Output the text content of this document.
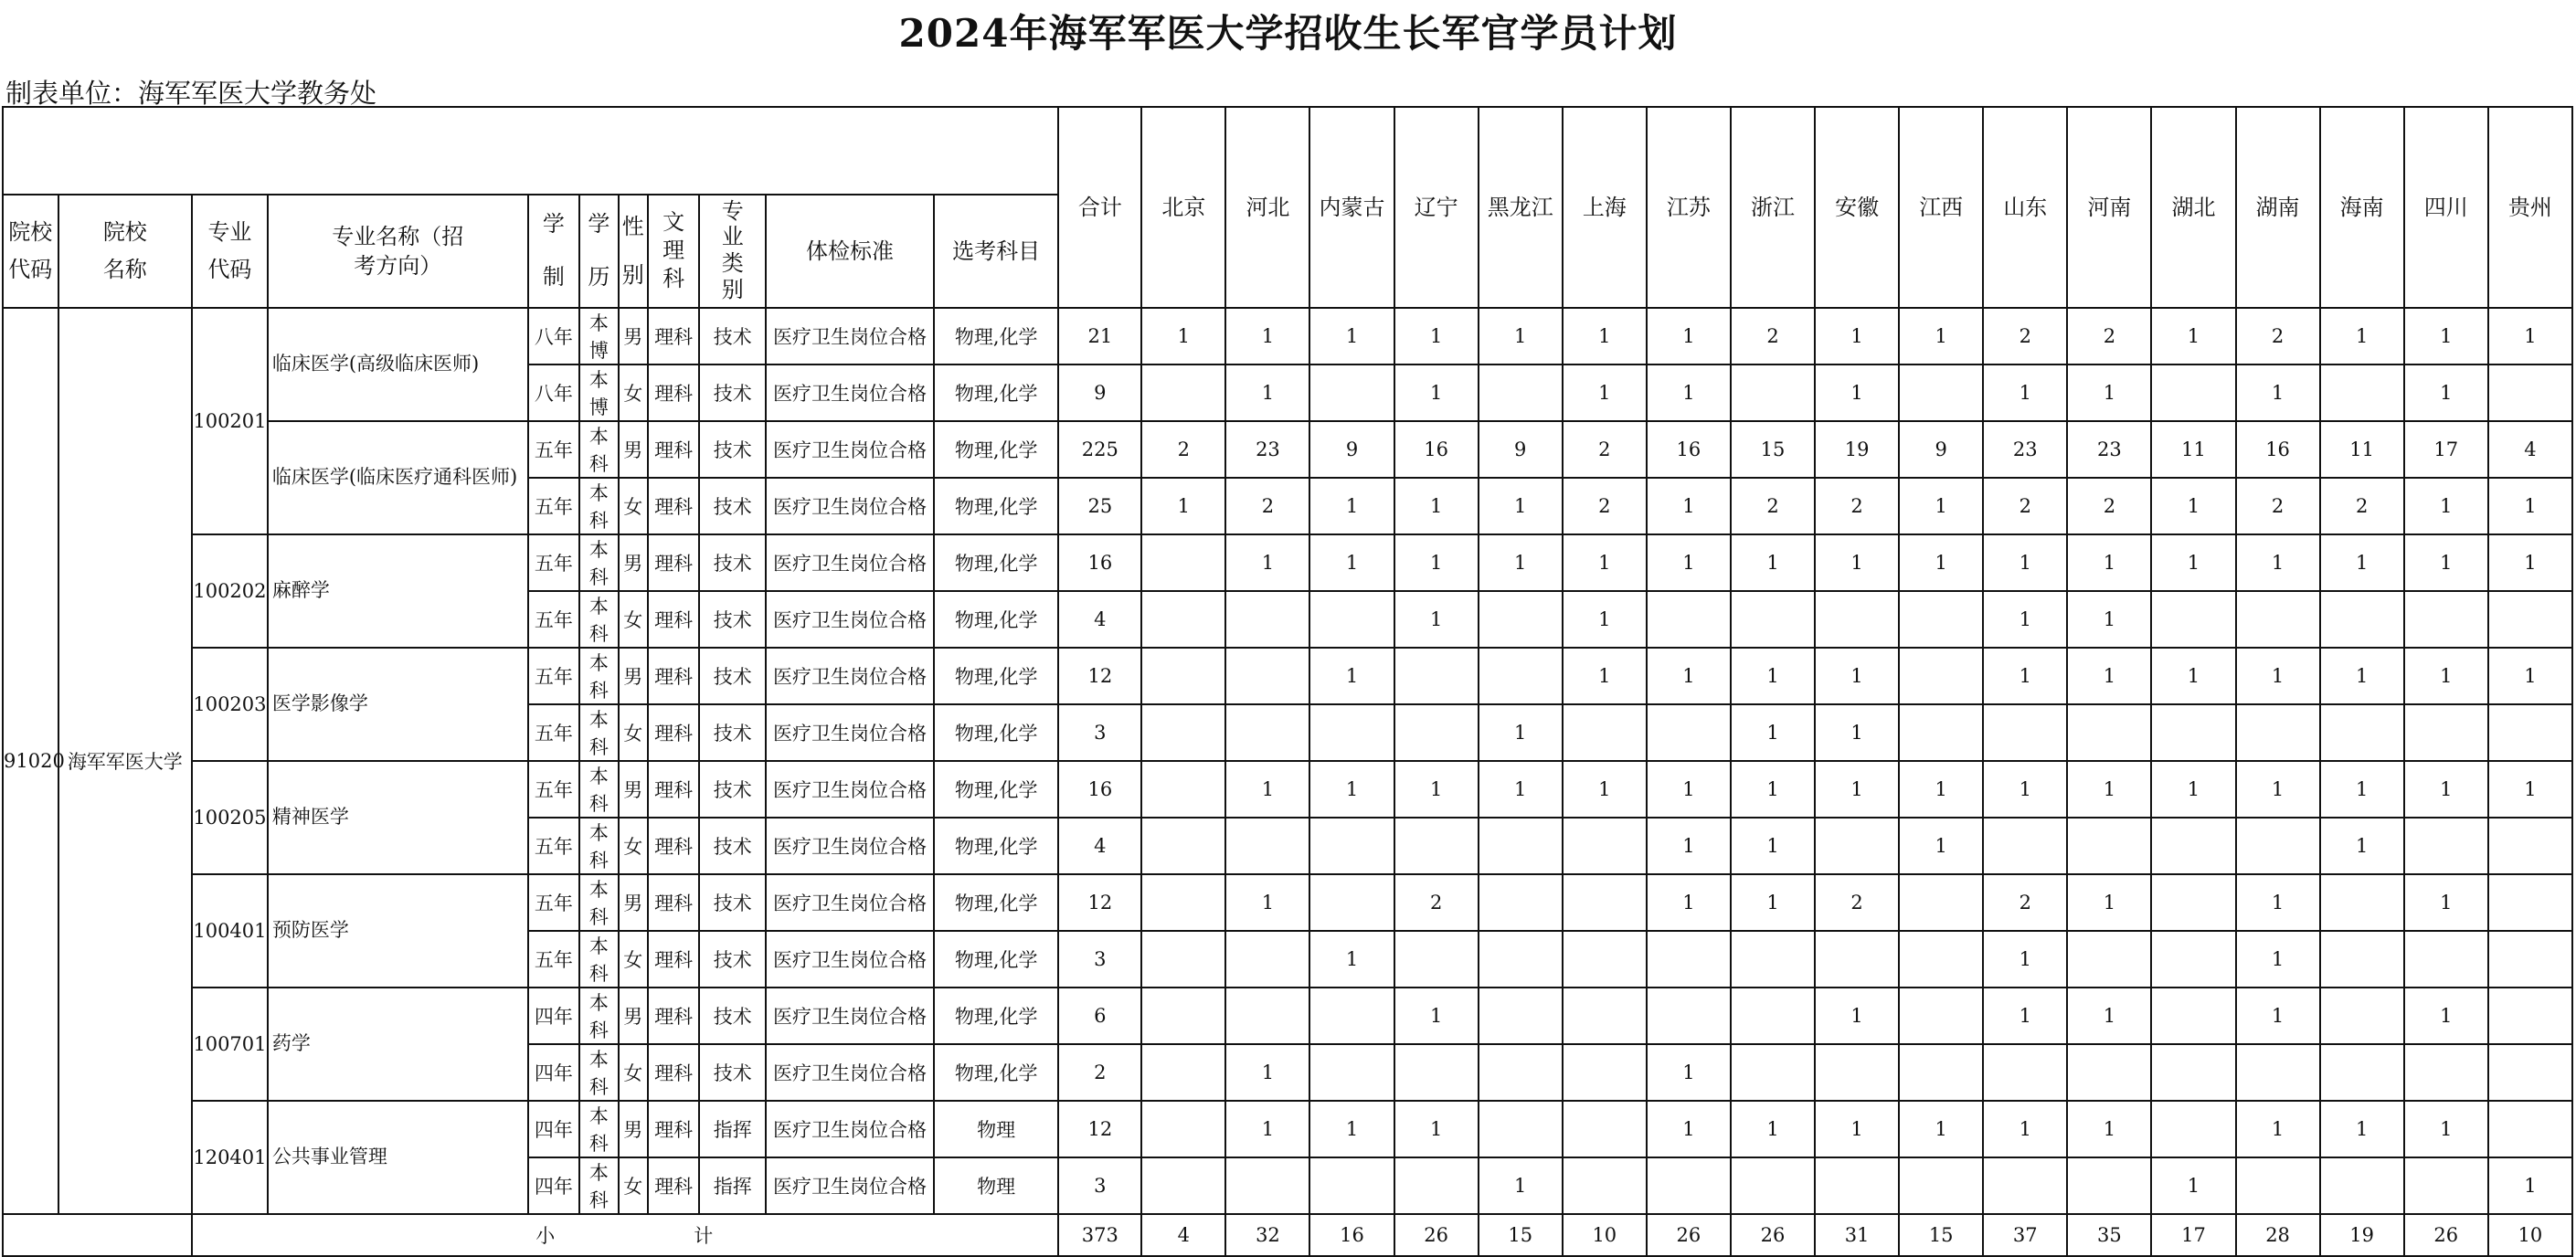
2024年海军军医大学招收生长军官学员计划
制表单位：海军军医大学教务处
											合计	北京	河北	内蒙古	辽宁	黑龙江	上海	江苏	浙江	安徽	江西	山东	河南	湖北	湖南	海南	四川	贵州
院校代码	院校名称	专业代码	专业名称（招考方向）	学制	学历	性别	文理科	专业类别	体检标准	选考科目																		
91020	海军军医大学	100201	临床医学(高级临床医师)	八年	本博	男	理科	技术	医疗卫生岗位合格	物理,化学	21	1	1	1	1	1	1	1	2	1	1	2	2	1	2	1	1	1
				八年	本博	女	理科	技术	医疗卫生岗位合格	物理,化学	9		1		1		1	1		1		1	1		1		1	
			临床医学(临床医疗通科医师)	五年	本科	男	理科	技术	医疗卫生岗位合格	物理,化学	225	2	23	9	16	9	2	16	15	19	9	23	23	11	16	11	17	4
				五年	本科	女	理科	技术	医疗卫生岗位合格	物理,化学	25	1	2	1	1	1	2	1	2	2	1	2	2	1	2	2	1	1
		100202	麻醉学	五年	本科	男	理科	技术	医疗卫生岗位合格	物理,化学	16		1	1	1	1	1	1	1	1	1	1	1	1	1	1	1	1
				五年	本科	女	理科	技术	医疗卫生岗位合格	物理,化学	4				1		1					1	1					
		100203	医学影像学	五年	本科	男	理科	技术	医疗卫生岗位合格	物理,化学	12			1			1	1	1	1		1	1	1	1	1	1	1
				五年	本科	女	理科	技术	医疗卫生岗位合格	物理,化学	3					1			1	1								
		100205	精神医学	五年	本科	男	理科	技术	医疗卫生岗位合格	物理,化学	16		1	1	1	1	1	1	1	1	1	1	1	1	1	1	1	1
				五年	本科	女	理科	技术	医疗卫生岗位合格	物理,化学	4							1	1		1					1		
		100401	预防医学	五年	本科	男	理科	技术	医疗卫生岗位合格	物理,化学	12		1		2			1	1	2		2	1		1		1	
				五年	本科	女	理科	技术	医疗卫生岗位合格	物理,化学	3			1								1			1			
		100701	药学	四年	本科	男	理科	技术	医疗卫生岗位合格	物理,化学	6				1					1		1	1		1		1	
				四年	本科	女	理科	技术	医疗卫生岗位合格	物理,化学	2		1					1										
		120401	公共事业管理	四年	本科	男	理科	指挥	医疗卫生岗位合格	物理	12		1	1	1			1	1	1	1	1	1		1	1	1	
				四年	本科	女	理科	指挥	医疗卫生岗位合格	物理	3					1								1				1
		小 计									373	4	32	16	26	15	10	26	26	31	15	37	35	17	28	19	26	10
